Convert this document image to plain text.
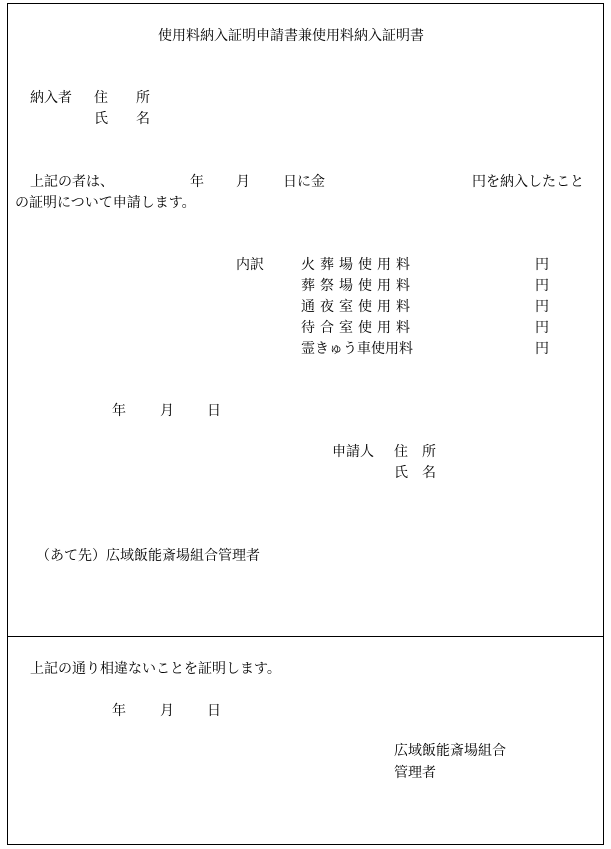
使用料納入証明申請書兼使用料納入証明書
納入者 住　　所
氏　　名
上記の者は、	年 月 日に金	円を納入したこと
の証明について申請します。
内訳	火葬場使用料	円
葬祭場使用料	円
通夜室使用料	円
待合室使用料	円
霊きゅう車使用料	円
年 月 日
申請人 住　所
氏　名
（あて先）広域飯能斎場組合管理者
上記の通り相違ないことを証明します。
年 月 日
広域飯能斎場組合
管理者
